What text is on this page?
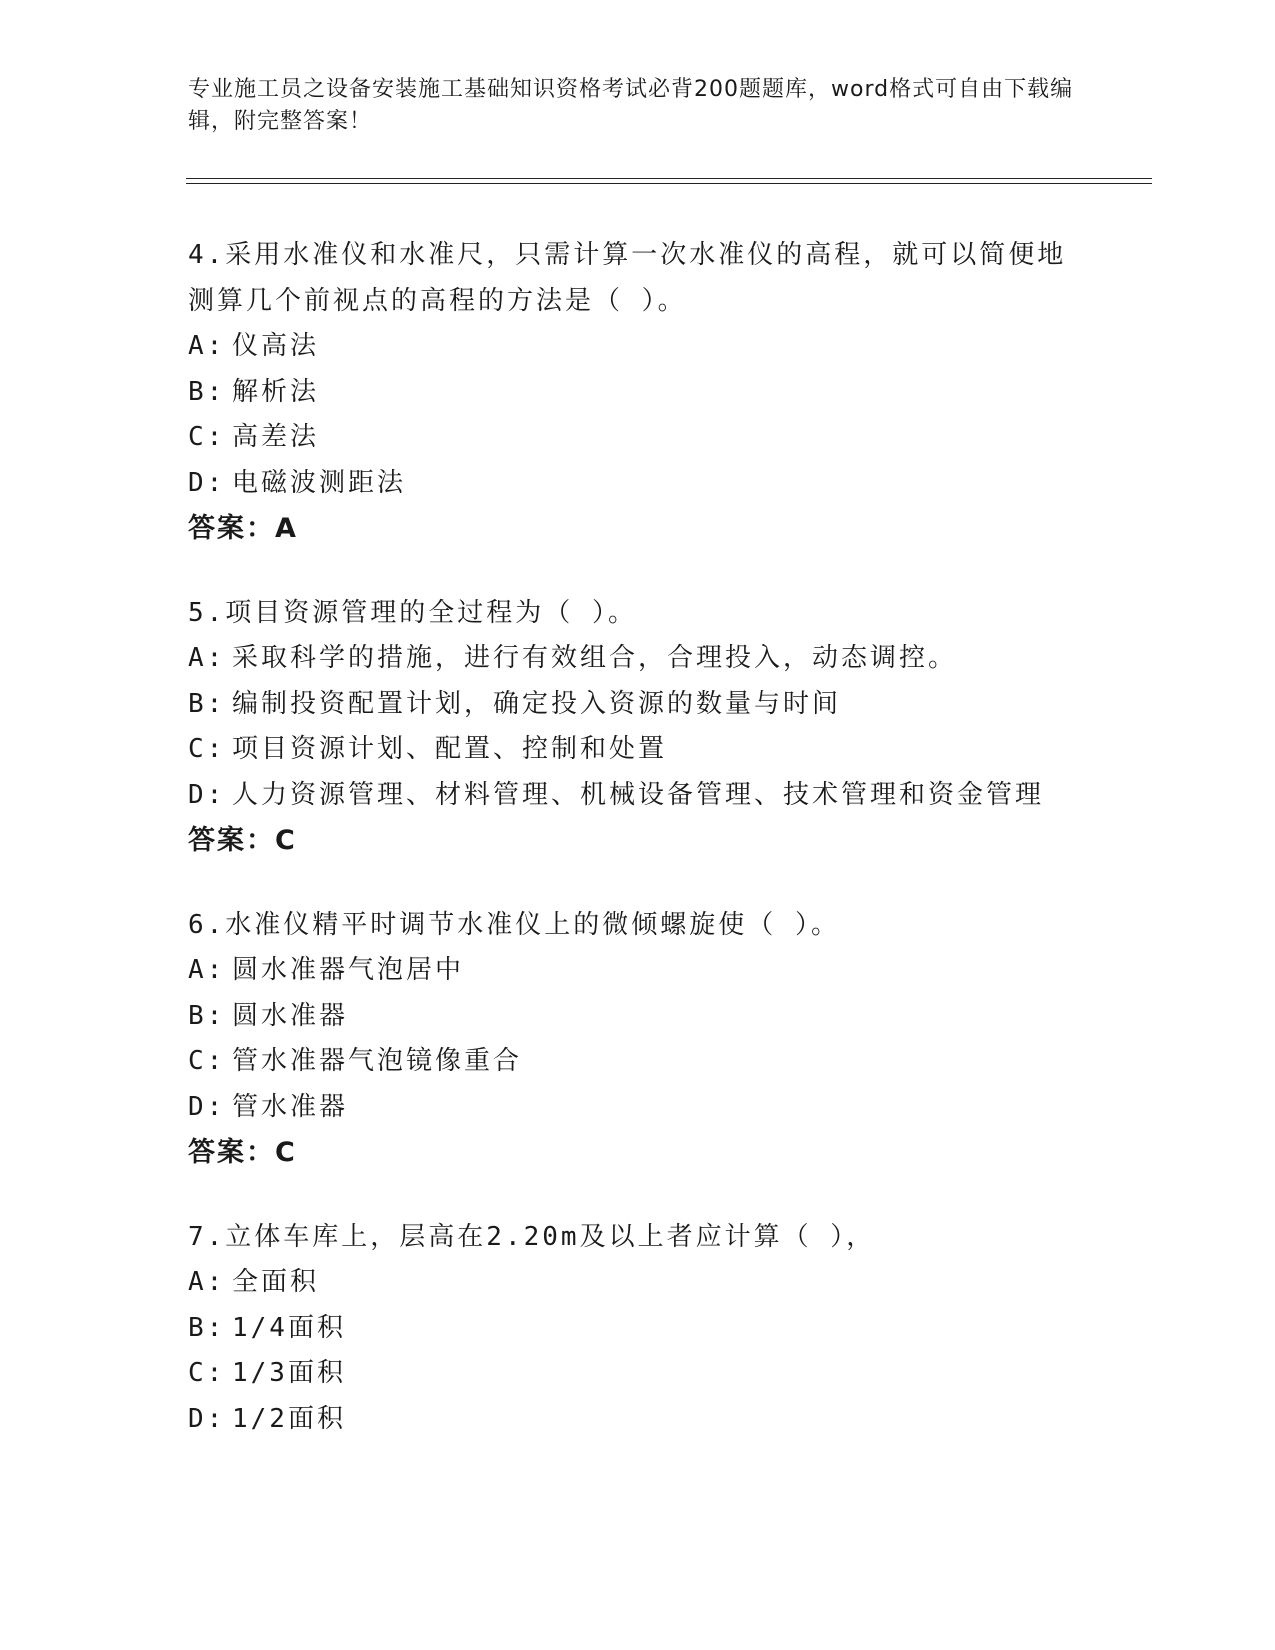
专业施工员之设备安装施工基础知识资格考试必背200题题库，word格式可自由下载编辑，附完整答案！
4.采用水准仪和水准尺，只需计算一次水准仪的高程，就可以简便地测算几个前视点的高程的方法是（ ）。
A: 仪高法
B: 解析法
C: 高差法
D: 电磁波测距法
答案：A
5.项目资源管理的全过程为（ ）。
A: 采取科学的措施，进行有效组合，合理投入，动态调控。
B: 编制投资配置计划，确定投入资源的数量与时间
C: 项目资源计划、配置、控制和处置
D: 人力资源管理、材料管理、机械设备管理、技术管理和资金管理
答案：C
6.水准仪精平时调节水准仪上的微倾螺旋使（ ）。
A: 圆水准器气泡居中
B: 圆水准器
C: 管水准器气泡镜像重合
D: 管水准器
答案：C
7.立体车库上，层高在2.20m及以上者应计算（ ），
A: 全面积
B: 1/4面积
C: 1/3面积
D: 1/2面积
